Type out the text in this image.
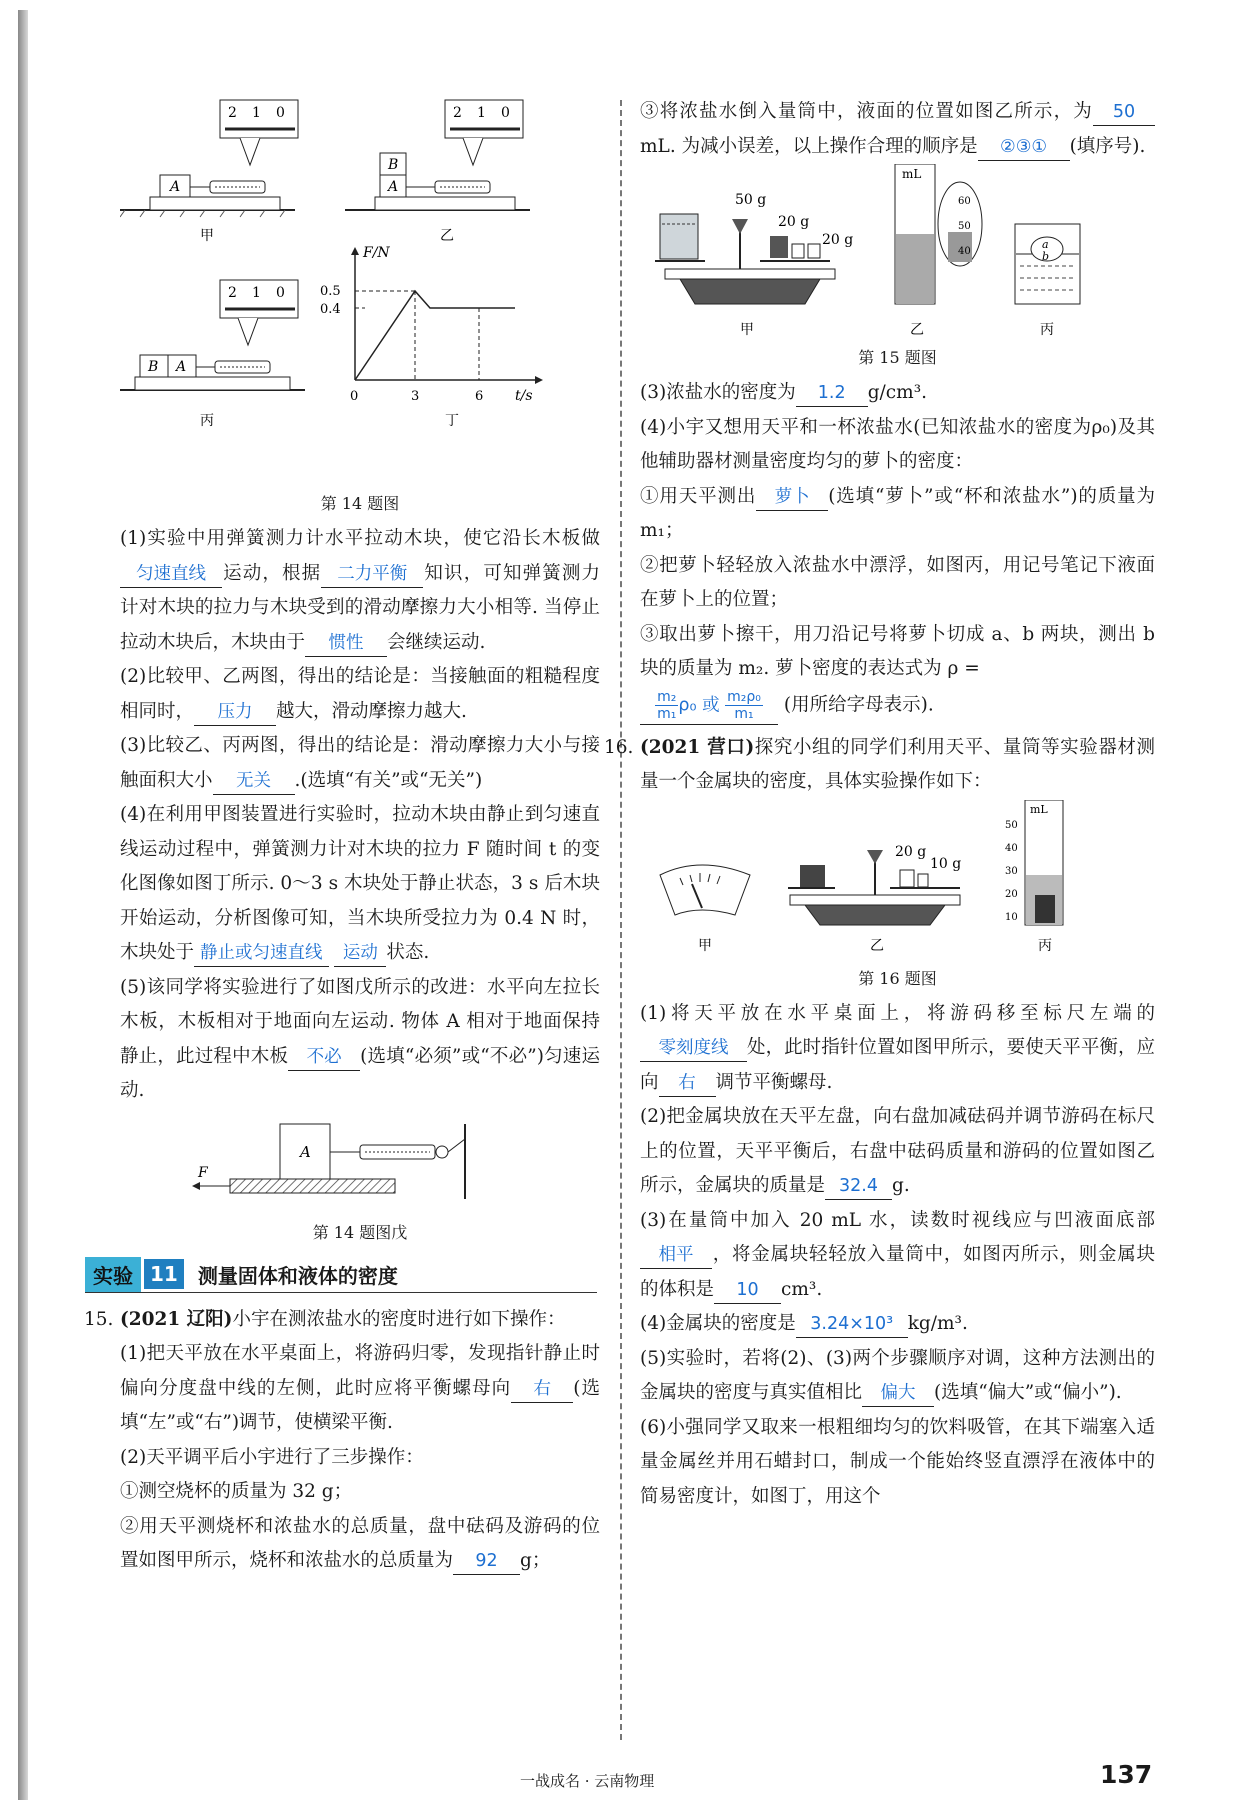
A
2 1 0
甲
A
B
2 1 0
乙
B A
2 1 0
丙
F/N
t/s
0.5
0.4
0	3	6
丁
第 14 题图

(1)实验中用弹簧测力计水平拉动木块，使它沿长木板做匀速直线 运动，根据 二力平衡 知识，可知弹簧测力计对木块的拉力与木块受到的滑动摩擦力大小相等. 当停止拉动木块后，木块由于 惯性 会继续运动.

(2)比较甲、乙两图，得出的结论是：当接触面的粗糙程度相同时， 压力 越大，滑动摩擦力越大.

(3)比较乙、丙两图，得出的结论是：滑动摩擦力大小与接触面积大小 无关 .(选填“有关”或“无关”)

(4)在利用甲图装置进行实验时，拉动木块由静止到匀速直线运动过程中，弹簧测力计对木块的拉力 F 随时间 t 的变化图像如图丁所示. 0～3 s 木块处于静止状态，3 s 后木块开始运动，分析图像可知，当木块所受拉力为 0.4 N 时，木块处于 静止或匀速直线 运动 状态.

(5)该同学将实验进行了如图戊所示的改进：水平向左拉长木板，木板相对于地面向左运动. 物体 A 相对于地面保持静止，此过程中木板 不必 (选填“必须”或“不必”)匀速运动.

A
F
第 14 题图戊
实验 11	测量固体和液体的密度

15. (2021 辽阳)小宇在测浓盐水的密度时进行如下操作：

(1)把天平放在水平桌面上，将游码归零，发现指针静止时偏向分度盘中线的左侧，此时应将平衡螺母向 右 (选填“左”或“右”)调节，使横梁平衡.

(2)天平调平后小宇进行了三步操作：

①测空烧杯的质量为 32 g；

②用天平测烧杯和浓盐水的总质量，盘中砝码及游码的位置如图甲所示，烧杯和浓盐水的总质量为 92 g；

③将浓盐水倒入量筒中，液面的位置如图乙所示，为 50mL. 为减小误差，以上操作合理的顺序是 ②③① (填序号).

50 g
20 g
20 g
甲
mL
60
50
40
乙
a
b
丙
第 15 题图

(3)浓盐水的密度为 1.2 g/cm³.

(4)小宇又想用天平和一杯浓盐水(已知浓盐水的密度为ρ₀)及其他辅助器材测量密度均匀的萝卜的密度：

①用天平测出 萝卜 (选填“萝卜”或“杯和浓盐水”)的质量为 m₁；

②把萝卜轻轻放入浓盐水中漂浮，如图丙，用记号笔记下液面在萝卜上的位置；

③取出萝卜擦干，用刀沿记号将萝卜切成 a、b 两块，测出 b 块的质量为 m₂. 萝卜密度的表达式为 ρ =

$\frac{\text{m₂}}{\text{m₁}} \rho_0$ 或 $\frac{\text{m₂ρ₀}}{\text{m₁}}$ (用所给字母表示).

16. (2021 营口)探究小组的同学们利用天平、量筒等实验器材测量一个金属块的密度，具体实验操作如下：

甲
20 g
10 g
乙
mL
50
40
30
20
10
丙
第 16 题图

(1)将天平放在水平桌面上，将游码移至标尺左端的零刻度线 处，此时指针位置如图甲所示，要使天平平衡，应向 右 调节平衡螺母.

(2)把金属块放在天平左盘，向右盘加减砝码并调节游码在标尺上的位置，天平平衡后，右盘中砝码质量和游码的位置如图乙所示，金属块的质量是 32.4 g.

(3)在量筒中加入 20 mL 水，读数时视线应与凹液面底部相平 ，将金属块轻轻放入量筒中，如图丙所示，则金属块的体积是 10 cm³.

(4)金属块的密度是 3.24×10³ kg/m³.

(5)实验时，若将(2)、(3)两个步骤顺序对调，这种方法测出的金属块的密度与真实值相比 偏大 (选填“偏大”或“偏小”).

(6)小强同学又取来一根粗细均匀的饮料吸管，在其下端塞入适量金属丝并用石蜡封口，制成一个能始终竖直漂浮在液体中的简易密度计，如图丁，用这个

一战成名 · 云南物理	137
